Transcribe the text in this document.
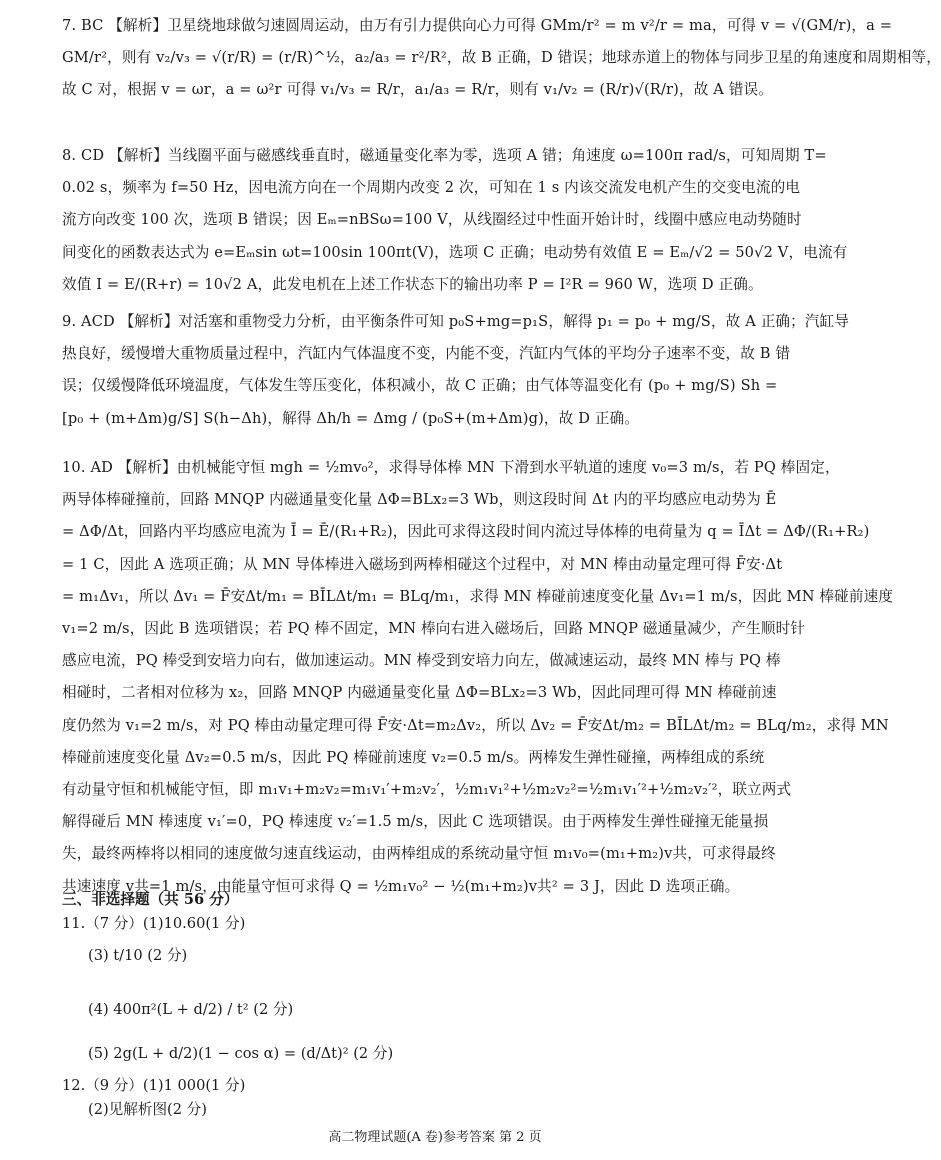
7. BC 【解析】卫星绕地球做匀速圆周运动，由万有引力提供向心力可得 GMm/r² = m v²/r = ma，可得 v = √(GM/r)，a =
GM/r²，则有 v₂/v₃ = √(r/R) = (r/R)^½，a₂/a₃ = r²/R²，故 B 正确，D 错误；地球赤道上的物体与同步卫星的角速度和周期相等，
故 C 对，根据 v = ωr，a = ω²r 可得 v₁/v₃ = R/r，a₁/a₃ = R/r，则有 v₁/v₂ = (R/r)√(R/r)，故 A 错误。
8. CD 【解析】当线圈平面与磁感线垂直时，磁通量变化率为零，选项 A 错；角速度 ω=100π rad/s，可知周期 T=
0.02 s，频率为 f=50 Hz，因电流方向在一个周期内改变 2 次，可知在 1 s 内该交流发电机产生的交变电流的电
流方向改变 100 次，选项 B 错误；因 Eₘ=nBSω=100 V，从线圈经过中性面开始计时，线圈中感应电动势随时
间变化的函数表达式为 e=Eₘsin ωt=100sin 100πt(V)，选项 C 正确；电动势有效值 E = Eₘ/√2 = 50√2 V，电流有
效值 I = E/(R+r) = 10√2 A，此发电机在上述工作状态下的输出功率 P = I²R = 960 W，选项 D 正确。
9. ACD 【解析】对活塞和重物受力分析，由平衡条件可知 p₀S+mg=p₁S，解得 p₁ = p₀ + mg/S，故 A 正确；汽缸导
热良好，缓慢增大重物质量过程中，汽缸内气体温度不变，内能不变，汽缸内气体的平均分子速率不变，故 B 错
误；仅缓慢降低环境温度，气体发生等压变化，体积减小，故 C 正确；由气体等温变化有 (p₀ + mg/S) Sh =
[p₀ + (m+Δm)g/S] S(h−Δh)，解得 Δh/h = Δmg / (p₀S+(m+Δm)g)，故 D 正确。
10. AD 【解析】由机械能守恒 mgh = ½mv₀²，求得导体棒 MN 下滑到水平轨道的速度 v₀=3 m/s，若 PQ 棒固定，
两导体棒碰撞前，回路 MNQP 内磁通量变化量 ΔΦ=BLx₂=3 Wb，则这段时间 Δt 内的平均感应电动势为 Ē
= ΔΦ/Δt，回路内平均感应电流为 Ī = Ē/(R₁+R₂)，因此可求得这段时间内流过导体棒的电荷量为 q = ĪΔt = ΔΦ/(R₁+R₂)
= 1 C，因此 A 选项正确；从 MN 导体棒进入磁场到两棒相碰这个过程中，对 MN 棒由动量定理可得 F̄安·Δt
= m₁Δv₁，所以 Δv₁ = F̄安Δt/m₁ = BĪLΔt/m₁ = BLq/m₁，求得 MN 棒碰前速度变化量 Δv₁=1 m/s，因此 MN 棒碰前速度
v₁=2 m/s，因此 B 选项错误；若 PQ 棒不固定，MN 棒向右进入磁场后，回路 MNQP 磁通量减少，产生顺时针
感应电流，PQ 棒受到安培力向右，做加速运动。MN 棒受到安培力向左，做减速运动，最终 MN 棒与 PQ 棒
相碰时，二者相对位移为 x₂，回路 MNQP 内磁通量变化量 ΔΦ=BLx₂=3 Wb，因此同理可得 MN 棒碰前速
度仍然为 v₁=2 m/s，对 PQ 棒由动量定理可得 F̄安·Δt=m₂Δv₂，所以 Δv₂ = F̄安Δt/m₂ = BĪLΔt/m₂ = BLq/m₂，求得 MN
棒碰前速度变化量 Δv₂=0.5 m/s，因此 PQ 棒碰前速度 v₂=0.5 m/s。两棒发生弹性碰撞，两棒组成的系统
有动量守恒和机械能守恒，即 m₁v₁+m₂v₂=m₁v₁′+m₂v₂′，½m₁v₁²+½m₂v₂²=½m₁v₁′²+½m₂v₂′²，联立两式
解得碰后 MN 棒速度 v₁′=0，PQ 棒速度 v₂′=1.5 m/s，因此 C 选项错误。由于两棒发生弹性碰撞无能量损
失，最终两棒将以相同的速度做匀速直线运动，由两棒组成的系统动量守恒 m₁v₀=(m₁+m₂)v共，可求得最终
共速速度 v共=1 m/s，由能量守恒可求得 Q = ½m₁v₀² − ½(m₁+m₂)v共² = 3 J，因此 D 选项正确。
三、非选择题（共 56 分）
11.（7 分）(1)10.60(1 分)
(3) t/10 (2 分)
(4) 400π²(L + d/2) / t² (2 分)
(5) 2g(L + d/2)(1 − cos α) = (d/Δt)² (2 分)
12.（9 分）(1)1 000(1 分)
(2)见解析图(2 分)
高二物理试题(A 卷)参考答案 第 2 页
